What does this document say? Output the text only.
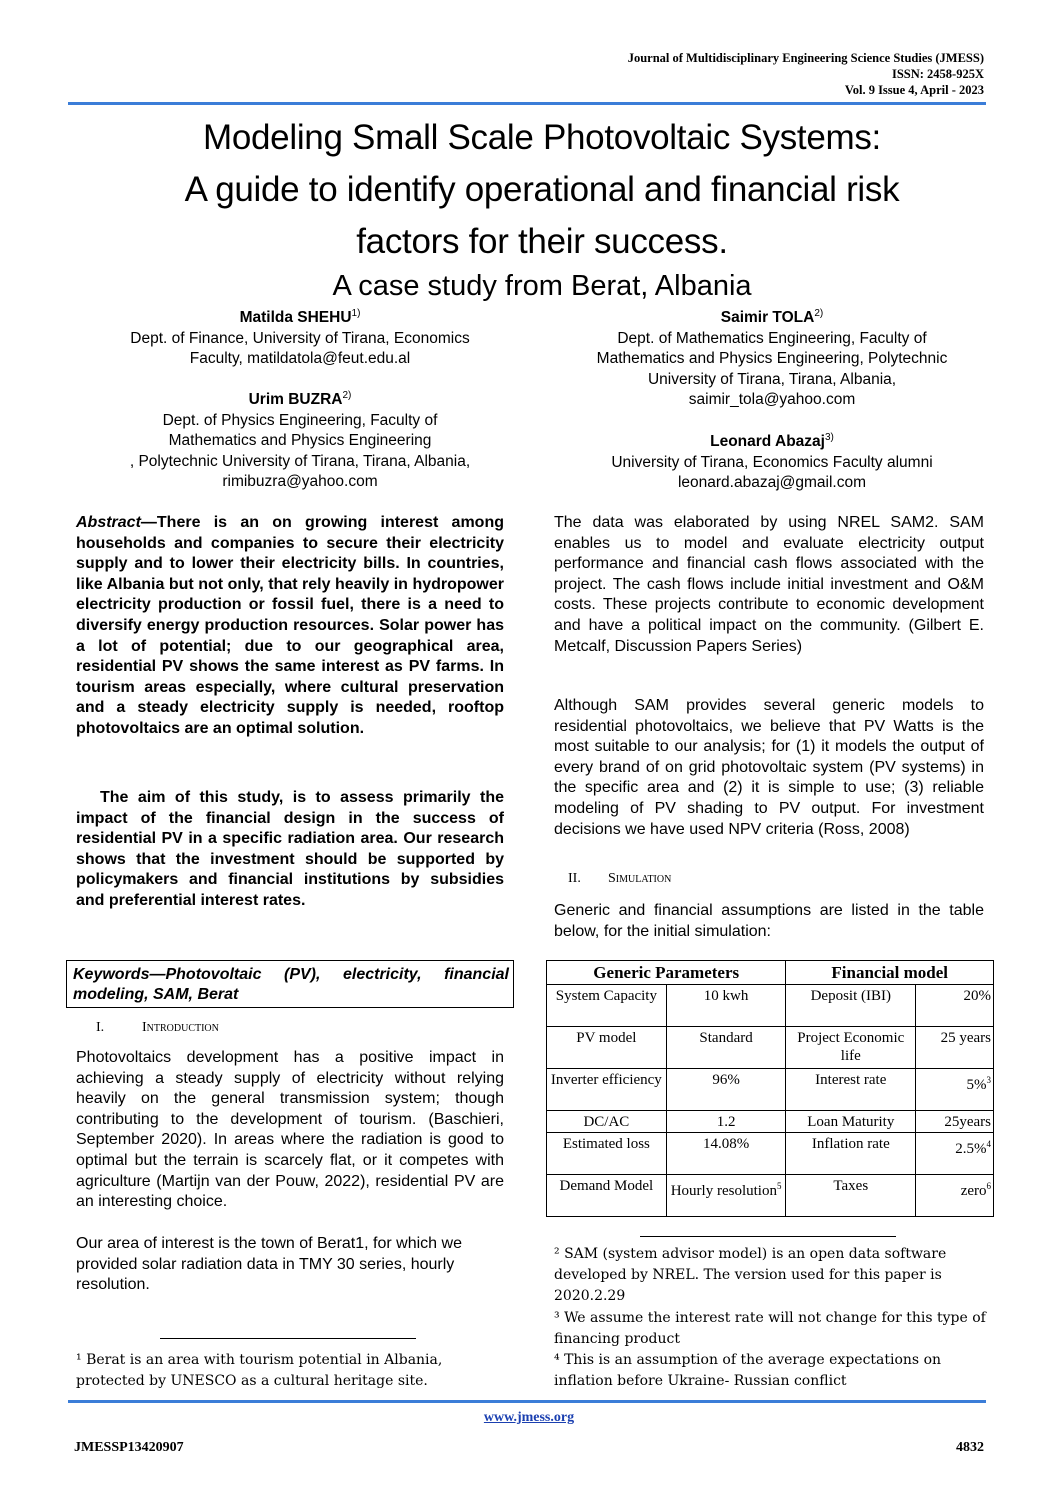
Journal of Multidisciplinary Engineering Science Studies (JMESS)
ISSN: 2458-925X
Vol. 9 Issue 4, April - 2023
Modeling Small Scale Photovoltaic Systems:
A guide to identify operational and financial risk
factors for their success.
A case study from Berat, Albania
Matilda SHEHU$^{1)}$
Dept. of Finance, University of Tirana, Economics
Faculty, matildatola@feut.edu.al
Urim BUZRA$^{2)}$
Dept. of Physics Engineering, Faculty of
Mathematics and Physics Engineering
, Polytechnic University of Tirana, Tirana, Albania,
rimibuzra@yahoo.com
Saimir TOLA$^{2)}$
Dept. of Mathematics Engineering, Faculty of
Mathematics and Physics Engineering, Polytechnic
University of Tirana, Tirana, Albania,
saimir_tola@yahoo.com
Leonard Abazaj$^{3)}$
University of Tirana, Economics Faculty alumni
leonard.abazaj@gmail.com
Abstract—There is an on growing interest among households and companies to secure their electricity supply and to lower their electricity bills. In countries, like Albania but not only, that rely heavily in hydropower electricity production or fossil fuel, there is a need to diversify energy production resources. Solar power has a lot of potential; due to our geographical area, residential PV shows the same interest as PV farms. In tourism areas especially, where cultural preservation and a steady electricity supply is needed, rooftop photovoltaics are an optimal solution.
The aim of this study, is to assess primarily the impact of the financial design in the success of residential PV in a specific radiation area. Our research shows that the investment should be supported by policymakers and financial institutions by subsidies and preferential interest rates.
Keywords—Photovoltaic (PV), electricity, financial modeling, SAM, Berat
I.	Introduction
Photovoltaics development has a positive impact in achieving a steady supply of electricity without relying heavily on the general transmission system; though contributing to the development of tourism. (Baschieri, September 2020). In areas where the radiation is good to optimal but the terrain is scarcely flat, or it competes with agriculture (Martijn van der Pouw, 2022), residential PV are an interesting choice.
Our area of interest is the town of Berat1, for which we provided solar radiation data in TMY 30 series, hourly resolution.
¹ Berat is an area with tourism potential in Albania, protected by UNESCO as a cultural heritage site.
The data was elaborated by using NREL SAM2. SAM enables us to model and evaluate electricity output performance and financial cash flows associated with the project. The cash flows include initial investment and O&M costs. These projects contribute to economic development and have a political impact on the community. (Gilbert E. Metcalf, Discussion Papers Series)
Although SAM provides several generic models to residential photovoltaics, we believe that PV Watts is the most suitable to our analysis; for (1) it models the output of every brand of on grid photovoltaic system (PV systems) in the specific area and (2) it is simple to use; (3) reliable modeling of PV shading to PV output. For investment decisions we have used NPV criteria (Ross, 2008)
II. Simulation
Generic and financial assumptions are listed in the table below, for the initial simulation:
Generic Parameters		Financial model	
System Capacity	10 kwh	Deposit (IBI)	20%
PV model	Standard	Project Economic life	25 years
Inverter efficiency	96%	Interest rate	5%$^3$
DC/AC	1.2	Loan Maturity	25years
Estimated loss	14.08%	Inflation rate	2.5%$^4$
Demand Model	Hourly resolution$^5$	Taxes	zero$^6$
² SAM (system advisor model) is an open data software developed by NREL. The version used for this paper is 2020.2.29
³ We assume the interest rate will not change for this type of financing product
⁴ This is an assumption of the average expectations on inflation before Ukraine- Russian conflict
www.jmess.org
JMESSP13420907	4832
